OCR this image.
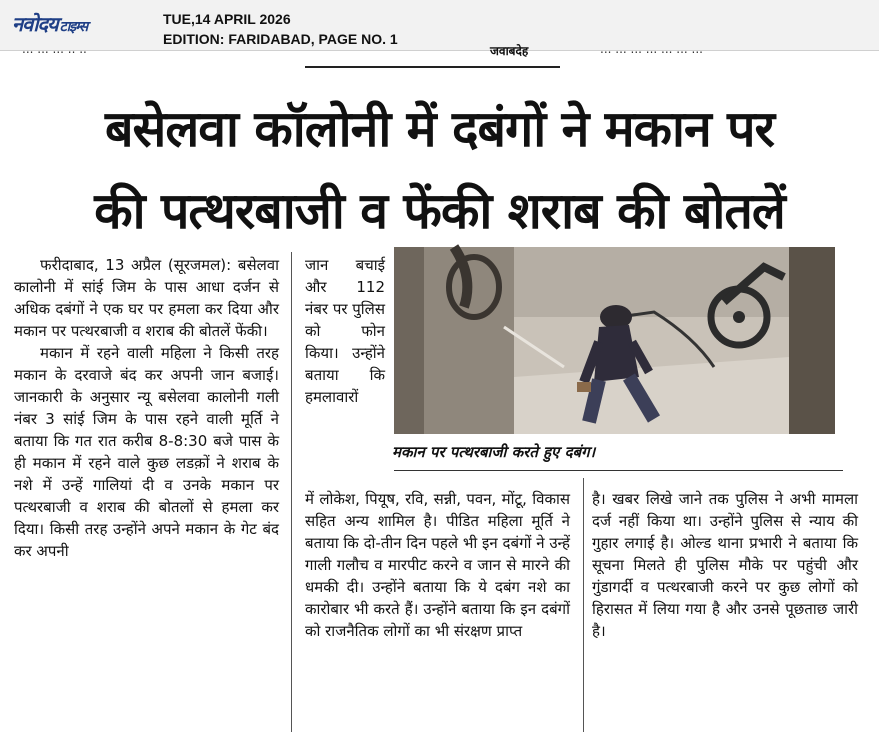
नवोदय टाइम्स	TUE,14 APRIL 2026
EDITION: FARIDABAD, PAGE NO. 1
... ... ... .. ..	जवाबदेह	... ... ... ... ... ... ...
बसेलवा कॉलोनी में दबंगों ने मकान पर
की पत्थरबाजी व फेंकी शराब की बोतलें

फरीदाबाद, 13 अप्रैल (सूरजमल): बसेलवा कालोनी में सांई जिम के पास आधा दर्जन से अधिक दबंगों ने एक घर पर हमला कर दिया और मकान पर पत्थरबाजी व शराब की बोतलें फेंकी।

मकान में रहने वाली महिला ने किसी तरह मकान के दरवाजे बंद कर अपनी जान बजाई। जानकारी के अनुसार न्यू बसेलवा कालोनी गली नंबर 3 सांई जिम के पास रहने वाली मूर्ति ने बताया कि गत रात करीब 8-8:30 बजे पास के ही मकान में रहने वाले कुछ लडक़ों ने शराब के नशे में उन्हें गालियां दी व उनके मकान पर पत्थरबाजी व शराब की बोतलों से हमला कर दिया। किसी तरह उन्होंने अपने मकान के गेट बंद कर अपनी

जान बचाई और 112 नंबर पर पुलिस को फोन किया। उन्होंने बताया कि हमलावारों

मकान पर पत्थरबाजी करते हुए दबंग।

में लोकेश, पियूष, रवि, सन्नी, पवन, मोंटू, विकास सहित अन्य शामिल है। पीडित महिला मूर्ति ने बताया कि दो-तीन दिन पहले भी इन दबंगों ने उन्हें गाली गलौच व मारपीट करने व जान से मारने की धमकी दी। उन्होंने बताया कि ये दबंग नशे का कारोबार भी करते हैं। उन्होंने बताया कि इन दबंगों को राजनैतिक लोगों का भी संरक्षण प्राप्त

है। खबर लिखे जाने तक पुलिस ने अभी मामला दर्ज नहीं किया था। उन्होंने पुलिस से न्याय की गुहार लगाई है। ओल्ड थाना प्रभारी ने बताया कि सूचना मिलते ही पुलिस मौके पर पहुंची और गुंडागर्दी व पत्थरबाजी करने पर कुछ लोगों को हिरासत में लिया गया है और उनसे पूछताछ जारी है।
